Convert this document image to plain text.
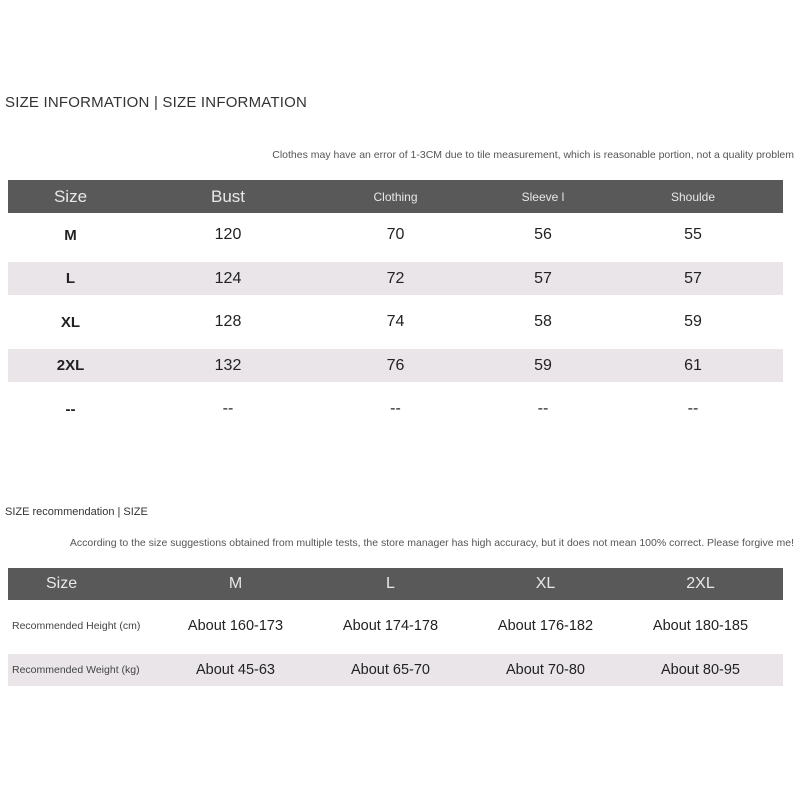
SIZE INFORMATION | SIZE INFORMATION
Clothes may have an error of 1-3CM due to tile measurement, which is reasonable portion, not a quality problem
Size	Bust	Clothing	Sleeve l	Shoulde
M	120	70	56	55
L	124	72	57	57
XL	128	74	58	59
2XL	132	76	59	61
--	--	--	--	--
SIZE recommendation | SIZE
According to the size suggestions obtained from multiple tests, the store manager has high accuracy, but it does not mean 100% correct. Please forgive me!
Size	M	L	XL	2XL
Recommended Height (cm)	About 160-173	About 174-178	About 176-182	About 180-185
Recommended Weight (kg)	About 45-63	About 65-70	About 70-80	About 80-95
